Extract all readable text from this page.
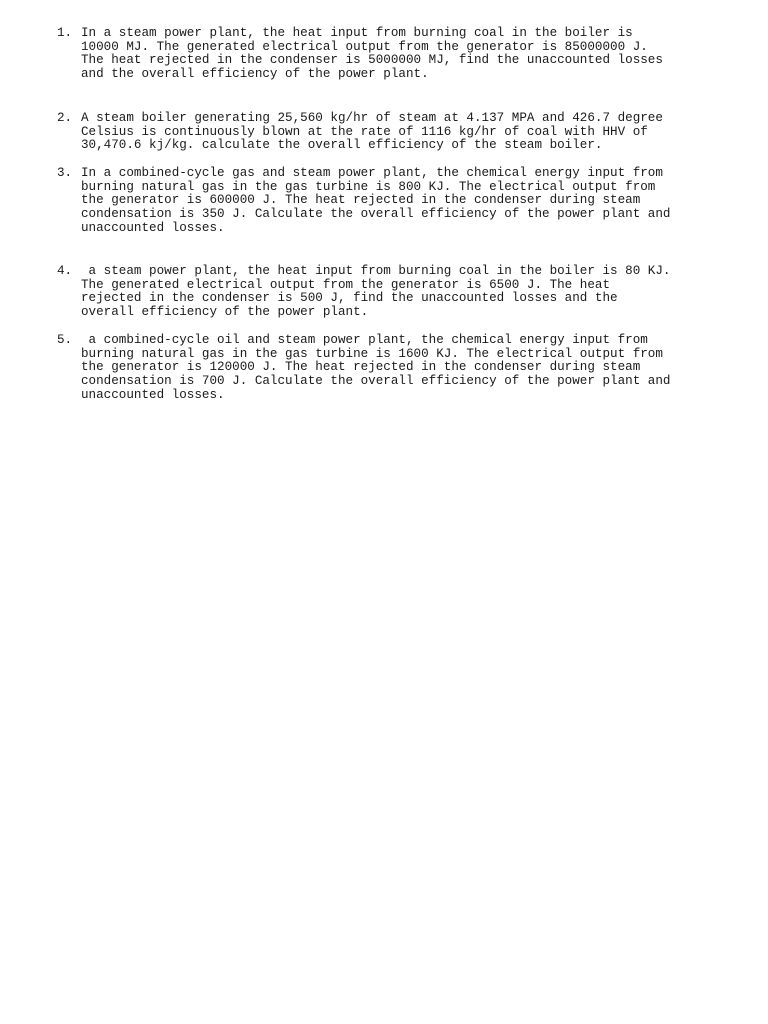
1. In a steam power plant, the heat input from burning coal in the boiler is
10000 MJ. The generated electrical output from the generator is 85000000 J.
The heat rejected in the condenser is 5000000 MJ, find the unaccounted losses
and the overall efficiency of the power plant.
2. A steam boiler generating 25,560 kg/hr of steam at 4.137 MPA and 426.7 degree
Celsius is continuously blown at the rate of 1116 kg/hr of coal with HHV of
30,470.6 kj/kg. calculate the overall efficiency of the steam boiler.
3. In a combined-cycle gas and steam power plant, the chemical energy input from
burning natural gas in the gas turbine is 800 KJ. The electrical output from
the generator is 600000 J. The heat rejected in the condenser during steam
condensation is 350 J. Calculate the overall efficiency of the power plant and
unaccounted losses.
4. a steam power plant, the heat input from burning coal in the boiler is 80 KJ.
The generated electrical output from the generator is 6500 J. The heat
rejected in the condenser is 500 J, find the unaccounted losses and the
overall efficiency of the power plant.
5. a combined-cycle oil and steam power plant, the chemical energy input from
burning natural gas in the gas turbine is 1600 KJ. The electrical output from
the generator is 120000 J. The heat rejected in the condenser during steam
condensation is 700 J. Calculate the overall efficiency of the power plant and
unaccounted losses.
